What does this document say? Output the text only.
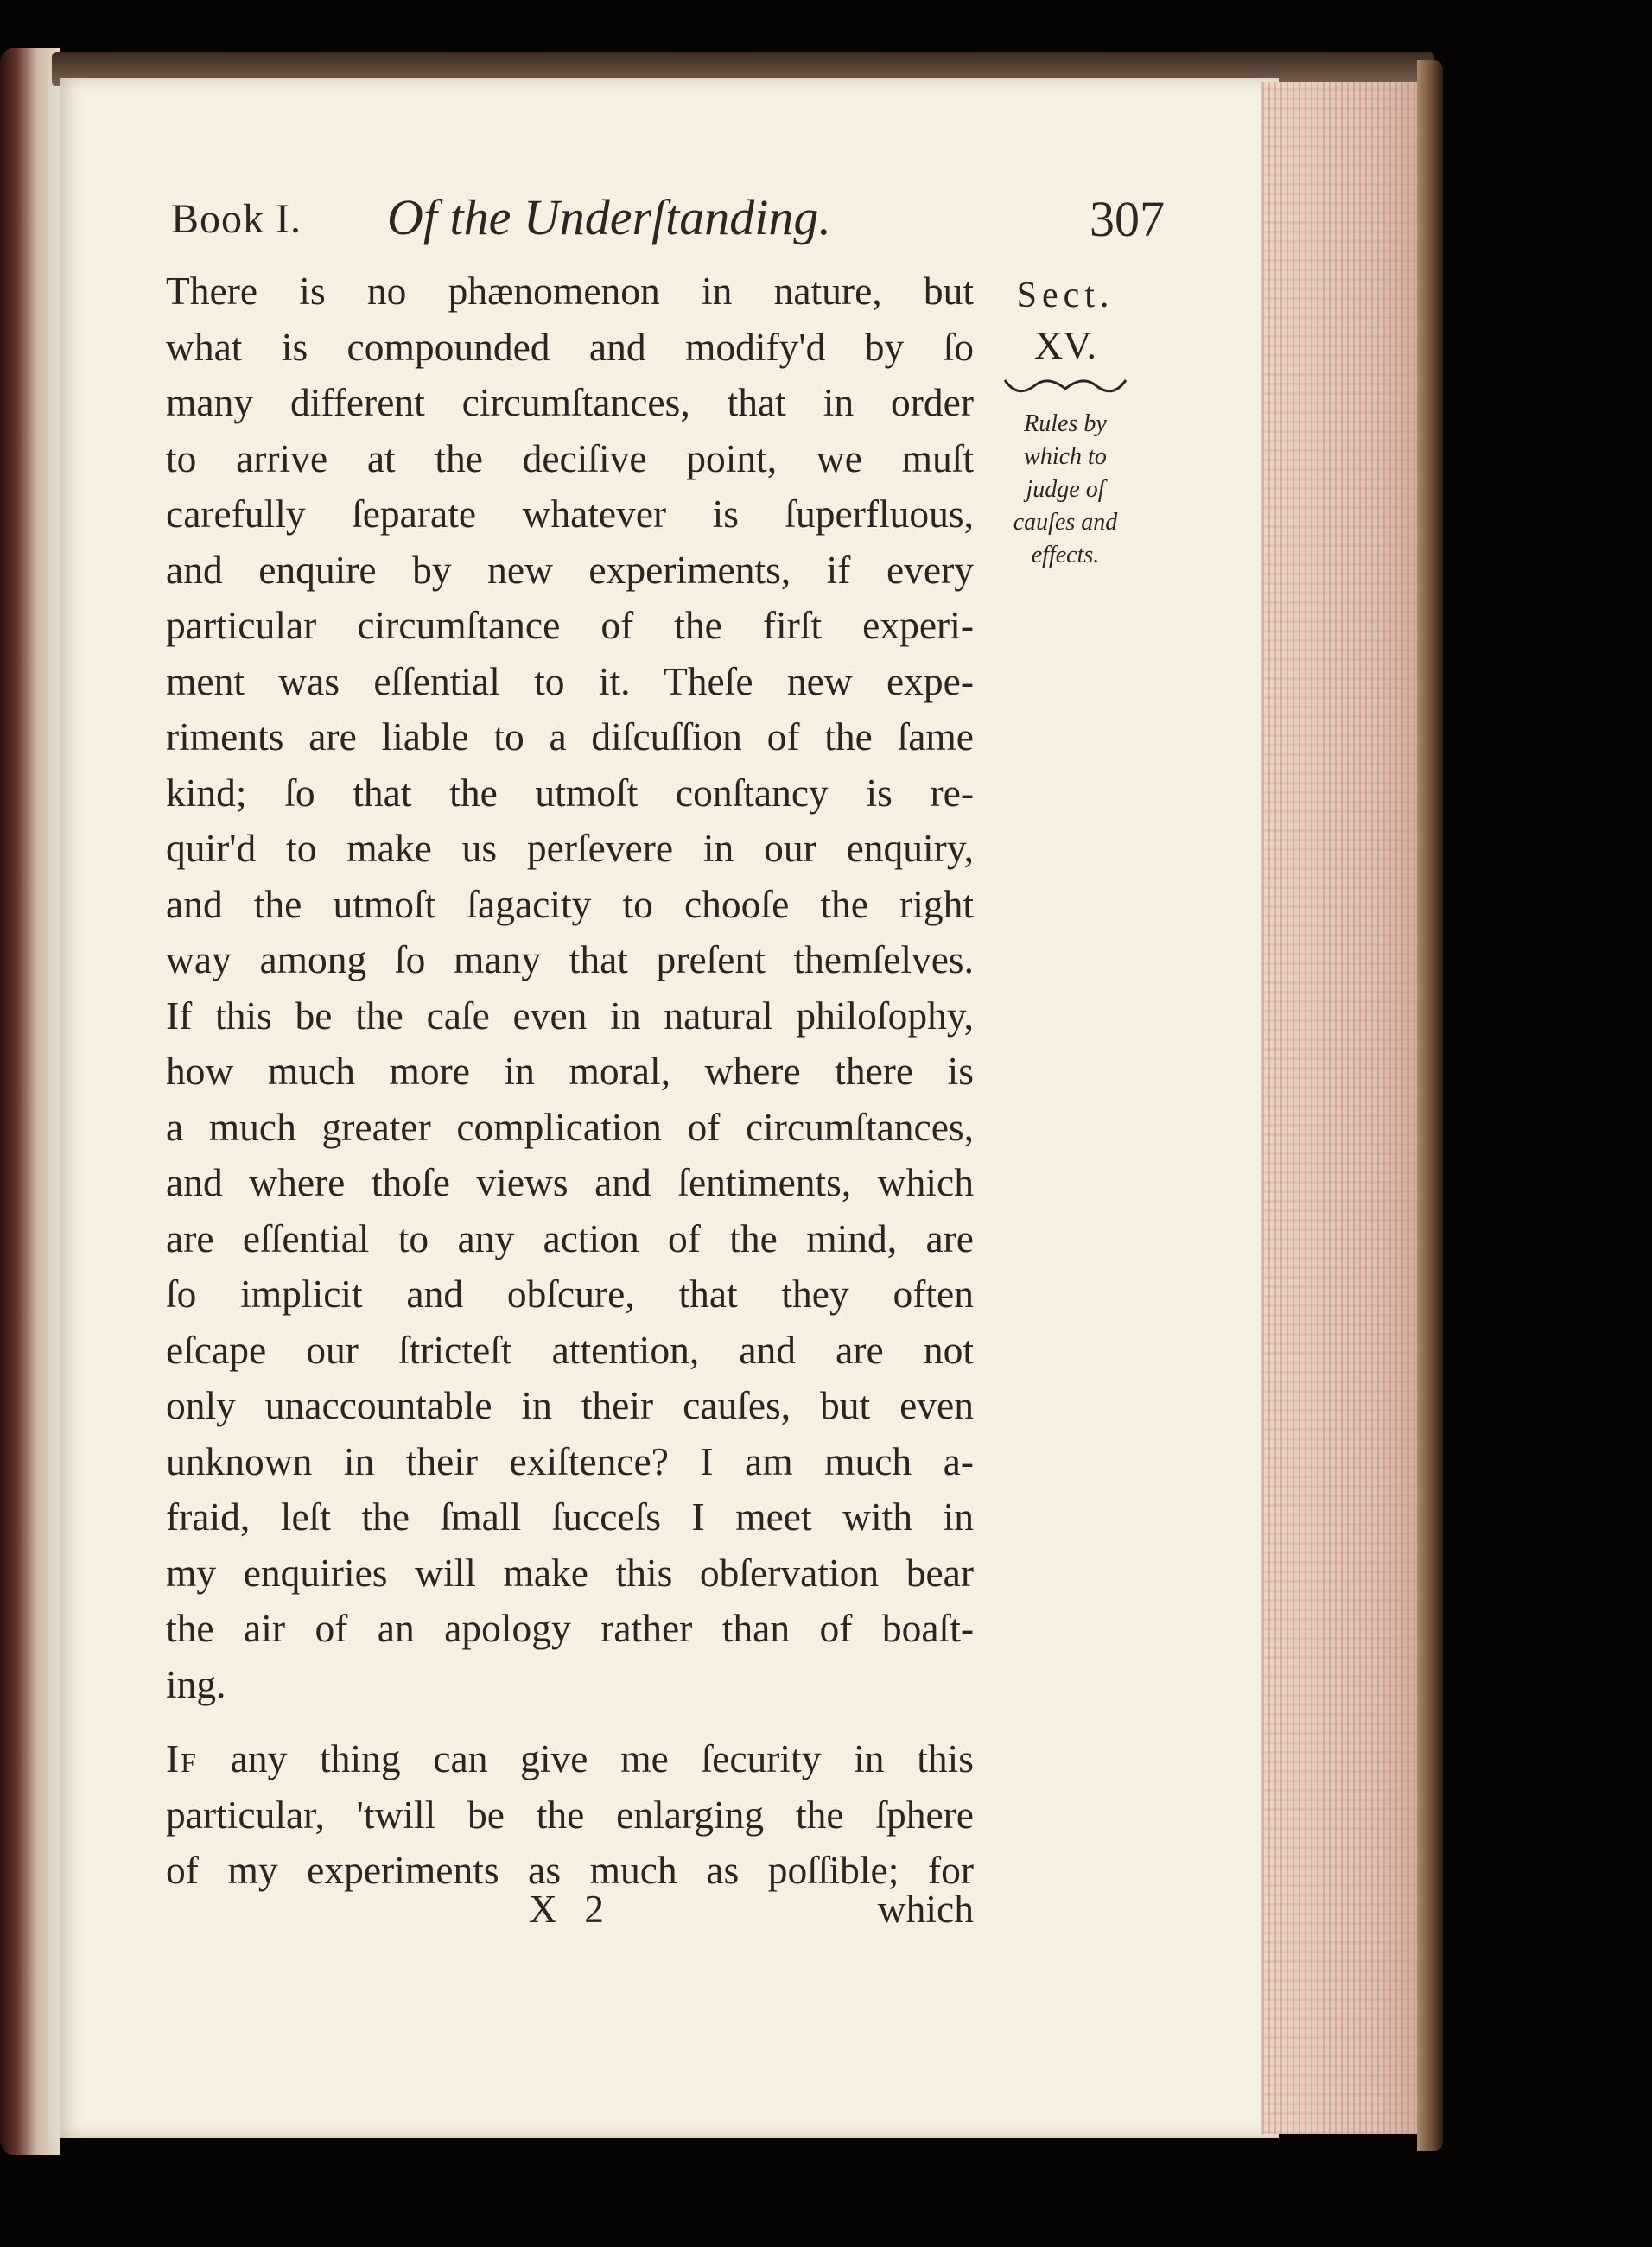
Book I. Of the Underſtanding.	307
Sect.
XV.
Rules by
which to
judge of
cauſes and
effects.
There is no phænomenon in nature, but
what is compounded and modify'd by ſo
many different circumſtances, that in order
to arrive at the deciſive point, we muſt
carefully ſeparate whatever is ſuperfluous,
and enquire by new experiments, if every
particular circumſtance of the firſt experi-
ment was eſſential to it. Theſe new expe-
riments are liable to a diſcuſſion of the ſame
kind; ſo that the utmoſt conſtancy is re-
quir'd to make us perſevere in our enquiry,
and the utmoſt ſagacity to chooſe the right
way among ſo many that preſent themſelves.
If this be the caſe even in natural philoſophy,
how much more in moral, where there is
a much greater complication of circumſtances,
and where thoſe views and ſentiments, which
are eſſential to any action of the mind, are
ſo implicit and obſcure, that they often
eſcape our ſtricteſt attention, and are not
only unaccountable in their cauſes, but even
unknown in their exiſtence? I am much a-
fraid, leſt the ſmall ſucceſs I meet with in
my enquiries will make this obſervation bear
the air of an apology rather than of boaſt-
ing.
If any thing can give me ſecurity in this
particular, 'twill be the enlarging the ſphere
of my experiments as much as poſſible; for
X 2	which
